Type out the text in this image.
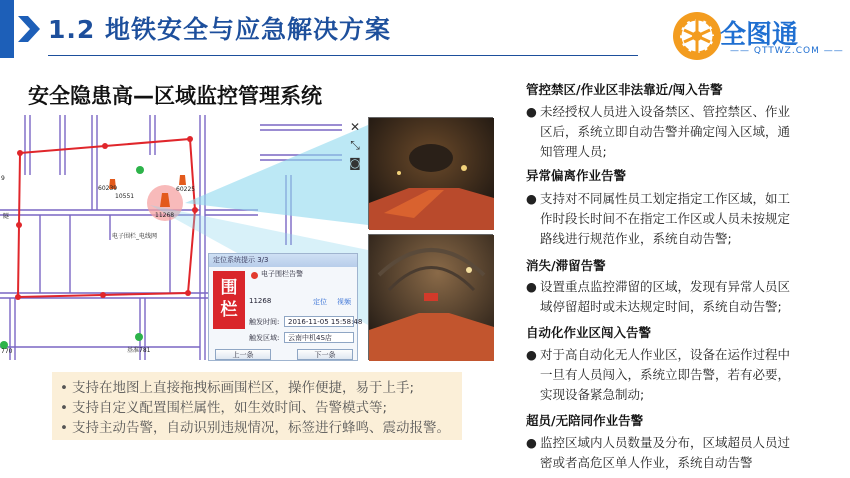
1.2 地铁安全与应急解决方案	全图通
—— QTTWZ.COM ——
安全隐患高—区域监控管理系统
60239	60225
10551
11268
电子围栏_电线网
基准781
9
隧
770
✕
⤡
◙
定位系统提示 3/3
围栏
电子围栏告警
11268	定位 视频
触发时间:	2016-11-05 15:58:48
触发区域:	云南中机4S店
上一条	下一条
• 支持在地图上直接拖拽标画围栏区，操作便捷，易于上手;
• 支持自定义配置围栏属性，如生效时间、告警模式等;
• 支持主动告警，自动识别违规情况，标签进行蜂鸣、震动报警。
管控禁区/作业区非法靠近/闯入告警
● 未经授权人员进入设备禁区、管控禁区、作业
区后，系统立即自动告警并确定闯入区域，通
知管理人员;
异常偏离作业告警
● 支持对不同属性员工划定指定工作区域，如工
作时段长时间不在指定工作区或人员未按规定
路线进行规范作业，系统自动告警;
消失/滞留告警
● 设置重点监控滞留的区域，发现有异常人员区
域停留超时或未达规定时间，系统自动告警;
自动化作业区闯入告警
● 对于高自动化无人作业区，设备在运作过程中
一旦有人员闯入，系统立即告警，若有必要，
实现设备紧急制动;
超员/无陪同作业告警
● 监控区域内人员数量及分布，区域超员人员过
密或者高危区单人作业，系统自动告警
